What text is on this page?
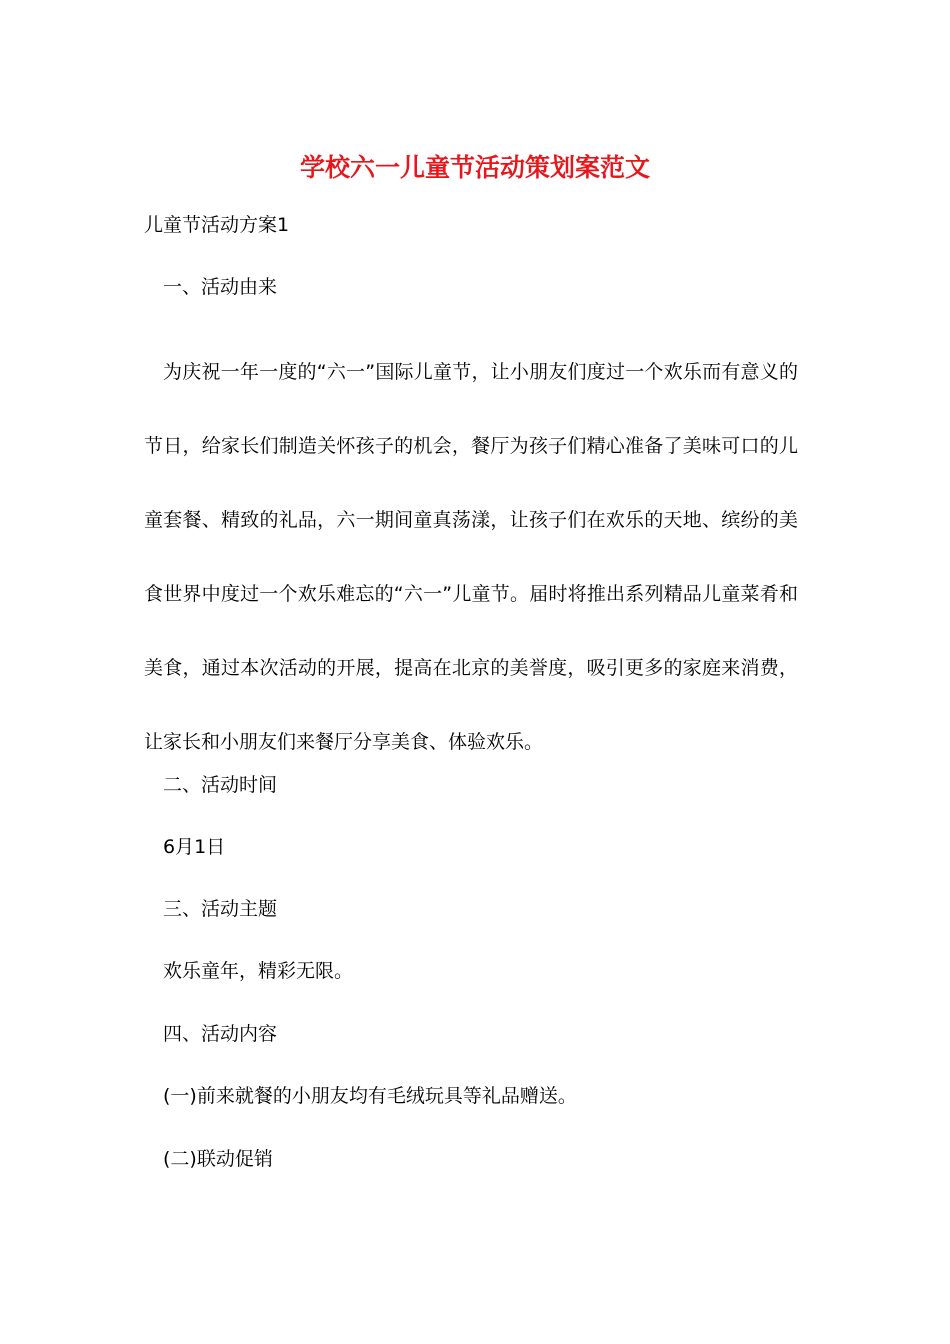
学校六一儿童节活动策划案范文
儿童节活动方案1
一、活动由来
为庆祝一年一度的“六一”国际儿童节，让小朋友们度过一个欢乐而有意义的节日，给家长们制造关怀孩子的机会，餐厅为孩子们精心准备了美味可口的儿童套餐、精致的礼品，六一期间童真荡漾，让孩子们在欢乐的天地、缤纷的美食世界中度过一个欢乐难忘的“六一”儿童节。届时将推出系列精品儿童菜肴和美食，通过本次活动的开展，提高在北京的美誉度，吸引更多的家庭来消费，让家长和小朋友们来餐厅分享美食、体验欢乐。
二、活动时间
6月1日
三、活动主题
欢乐童年，精彩无限。
四、活动内容
(一)前来就餐的小朋友均有毛绒玩具等礼品赠送。
(二)联动促销
